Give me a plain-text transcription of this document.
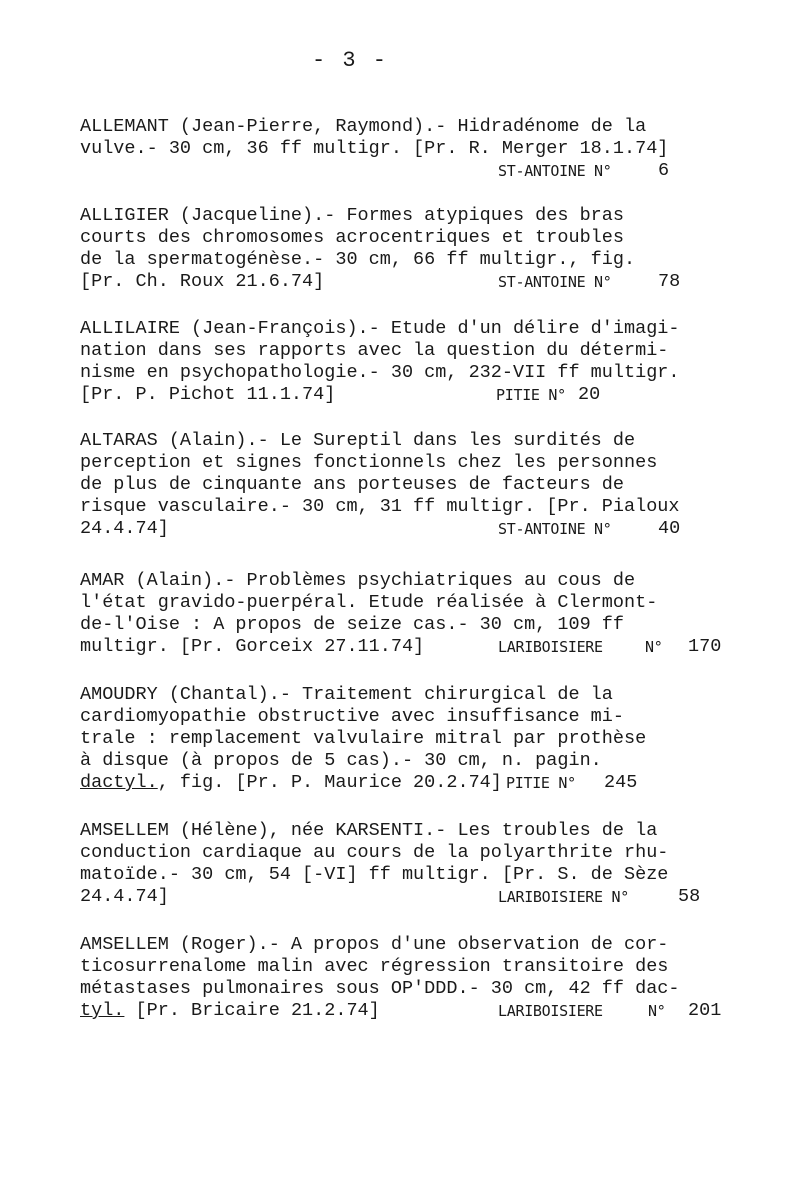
- 3 -
ALLEMANT (Jean-Pierre, Raymond).- Hidradénome de la
vulve.- 30 cm, 36 ff multigr. [Pr. R. Merger 18.1.74]

ST-ANTOINE N°

	6

ALLIGIER (Jacqueline).- Formes atypiques des bras
courts des chromosomes acrocentriques et troubles
de la spermatogénèse.- 30 cm, 66 ff multigr., fig.

[Pr. Ch. Roux 21.6.74]

	ST-ANTOINE N°

	78

ALLILAIRE (Jean-François).- Etude d'un délire d'imagi-
nation dans ses rapports avec la question du détermi-
nisme en psychopathologie.- 30 cm, 232-VII ff multigr.

[Pr. P. Pichot 11.1.74]

	PITIE N°

20

ALTARAS (Alain).- Le Sureptil dans les surdités de
perception et signes fonctionnels chez les personnes
de plus de cinquante ans porteuses de facteurs de
risque vasculaire.- 30 cm, 31 ff multigr. [Pr. Pialoux

24.4.74]

	ST-ANTOINE N°

	40

AMAR (Alain).- Problèmes psychiatriques au cous de
l'état gravido-puerpéral. Etude réalisée à Clermont-
de-l'Oise : A propos de seize cas.- 30 cm, 109 ff

multigr. [Pr. Gorceix 27.11.74]

	LARIBOISIERE

	N°

170

AMOUDRY (Chantal).- Traitement chirurgical de la
cardiomyopathie obstructive avec insuffisance mi-
trale : remplacement valvulaire mitral par prothèse
à disque (à propos de 5 cas).- 30 cm, n. pagin.

dactyl., fig. [Pr. P. Maurice 20.2.74]

PITIE N°

245

AMSELLEM (Hélène), née KARSENTI.- Les troubles de la
conduction cardiaque au cours de la polyarthrite rhu-
matoïde.- 30 cm, 54 [-VI] ff multigr. [Pr. S. de Sèze

24.4.74]

	LARIBOISIERE N°

	58

AMSELLEM (Roger).- A propos d'une observation de cor-
ticosurrenalome malin avec régression transitoire des
métastases pulmonaires sous OP'DDD.- 30 cm, 42 ff dac-

tyl. [Pr. Bricaire 21.2.74]

	LARIBOISIERE

	N°

201
